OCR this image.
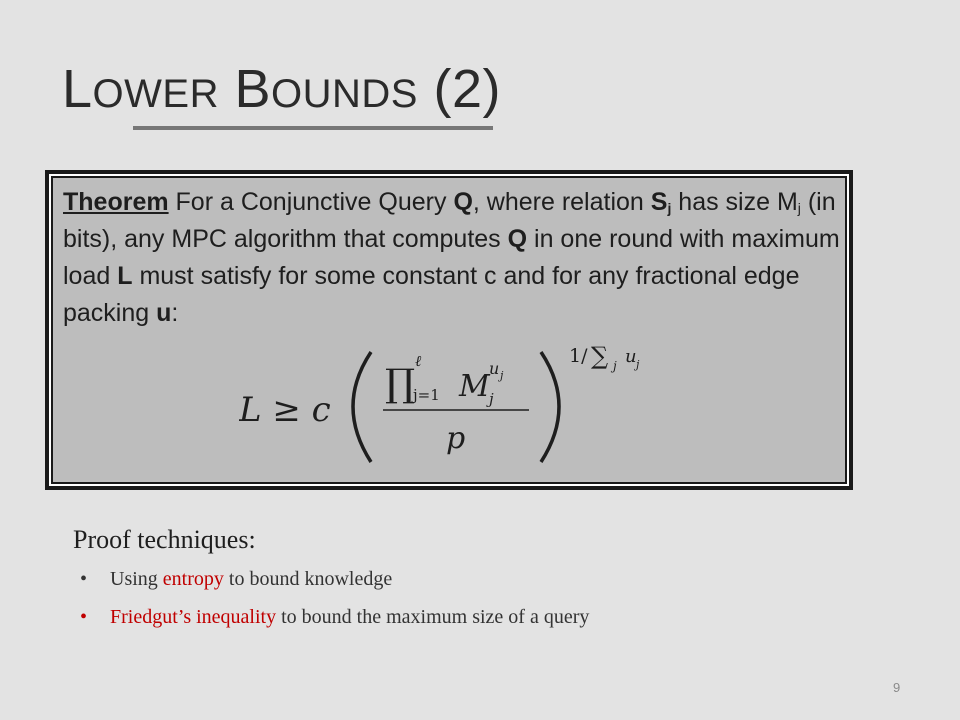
LOWER BOUNDS (2)
Theorem For a Conjunctive Query Q, where relation $S_j$ has size $M_j$ (in bits), any MPC algorithm that computes Q in one round with maximum load L must satisfy for some constant c and for any fractional edge packing u:
L ≥ c
∏ ℓ
j=1 M j
u j
p
1/ ∑ j u j
Proof techniques:
• Using entropy to bound knowledge
• Friedgut’s inequality to bound the maximum size of a query
9
